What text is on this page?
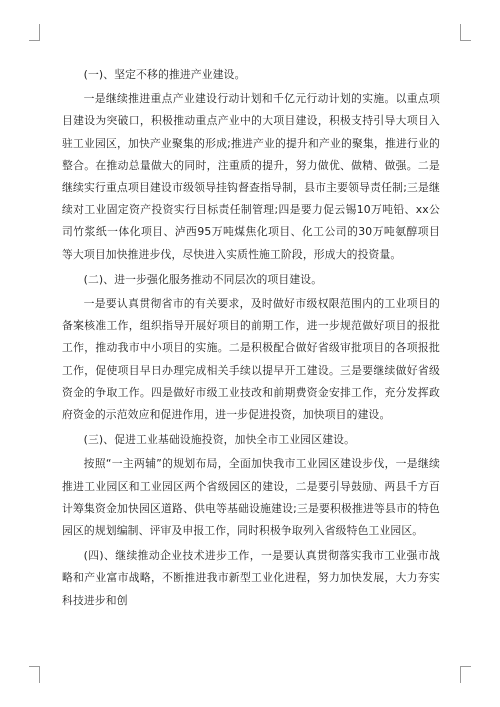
(一)、坚定不移的推进产业建设。

一是继续推进重点产业建设行动计划和千亿元行动计划的实施。以重点项目建设为突破口，积极推动重点产业中的大项目建设，积极支持引导大项目入驻工业园区，加快产业聚集的形成;推进产业的提升和产业的聚集，推进行业的整合。在推动总量做大的同时，注重质的提升，努力做优、做精、做强。二是继续实行重点项目建设市级领导挂钩督查指导制，县市主要领导责任制;三是继续对工业固定资产投资实行目标责任制管理;四是要力促云锡10万吨铅、xx公司竹浆纸一体化项目、泸西95万吨煤焦化项目、化工公司的30万吨氨醇项目等大项目加快推进步伐，尽快进入实质性施工阶段，形成大的投资量。

(二)、进一步强化服务推动不同层次的项目建设。

一是要认真贯彻省市的有关要求，及时做好市级权限范围内的工业项目的备案核准工作，组织指导开展好项目的前期工作，进一步规范做好项目的报批工作，推动我市中小项目的实施。二是积极配合做好省级审批项目的各项报批工作，促使项目早日办理完成相关手续以提早开工建设。三是要继续做好省级资金的争取工作。四是做好市级工业技改和前期费资金安排工作，充分发挥政府资金的示范效应和促进作用，进一步促进投资，加快项目的建设。

(三)、促进工业基础设施投资，加快全市工业园区建设。

按照“一主两辅”的规划布局，全面加快我市工业园区建设步伐，一是继续推进工业园区和工业园区两个省级园区的建设，二是要引导鼓励、两县千方百计筹集资金加快园区道路、供电等基础设施建设;三是要积极推进等县市的特色园区的规划编制、评审及申报工作，同时积极争取列入省级特色工业园区。

(四)、继续推动企业技术进步工作，一是要认真贯彻落实我市工业强市战略和产业富市战略，不断推进我市新型工业化进程，努力加快发展，大力夯实科技进步和创
